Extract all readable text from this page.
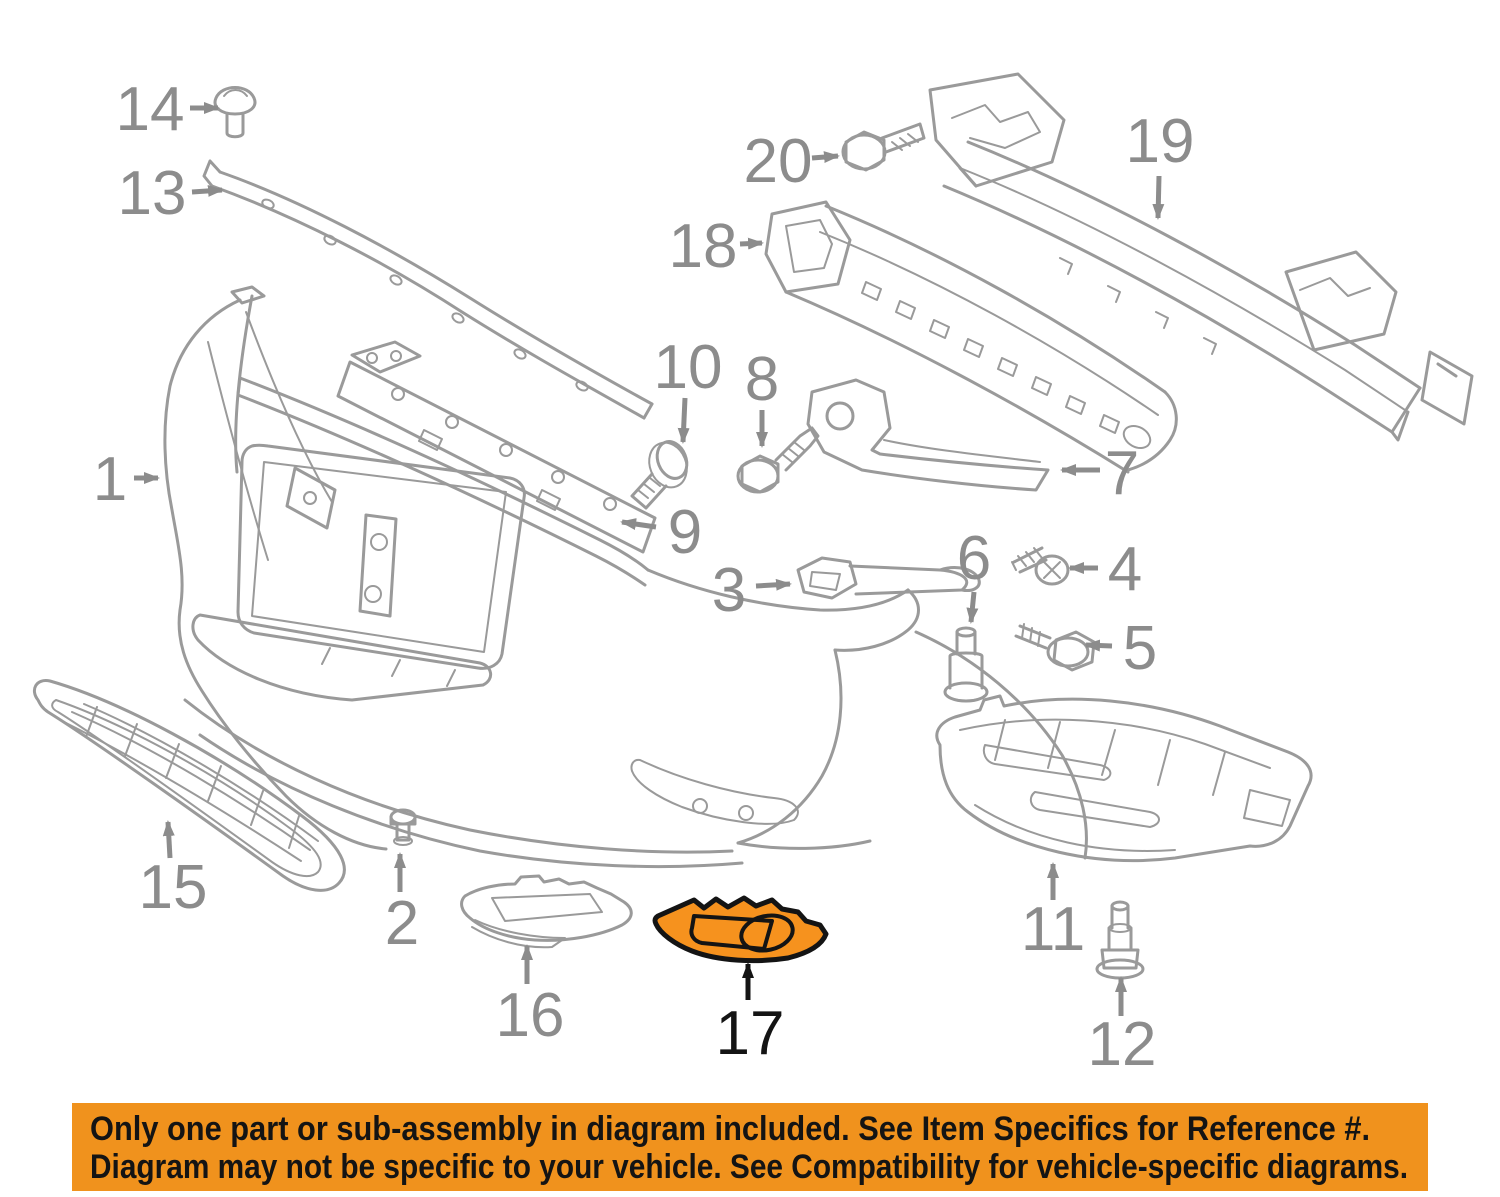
1
2
3	4
5
6
7
8
9
10
11
12
13
14
15
16 17
18
19
20
Only one part or sub-assembly in diagram included. See Item Specifics for Reference #.
Diagram may not be specific to your vehicle. See Compatibility for vehicle-specific diagrams.
